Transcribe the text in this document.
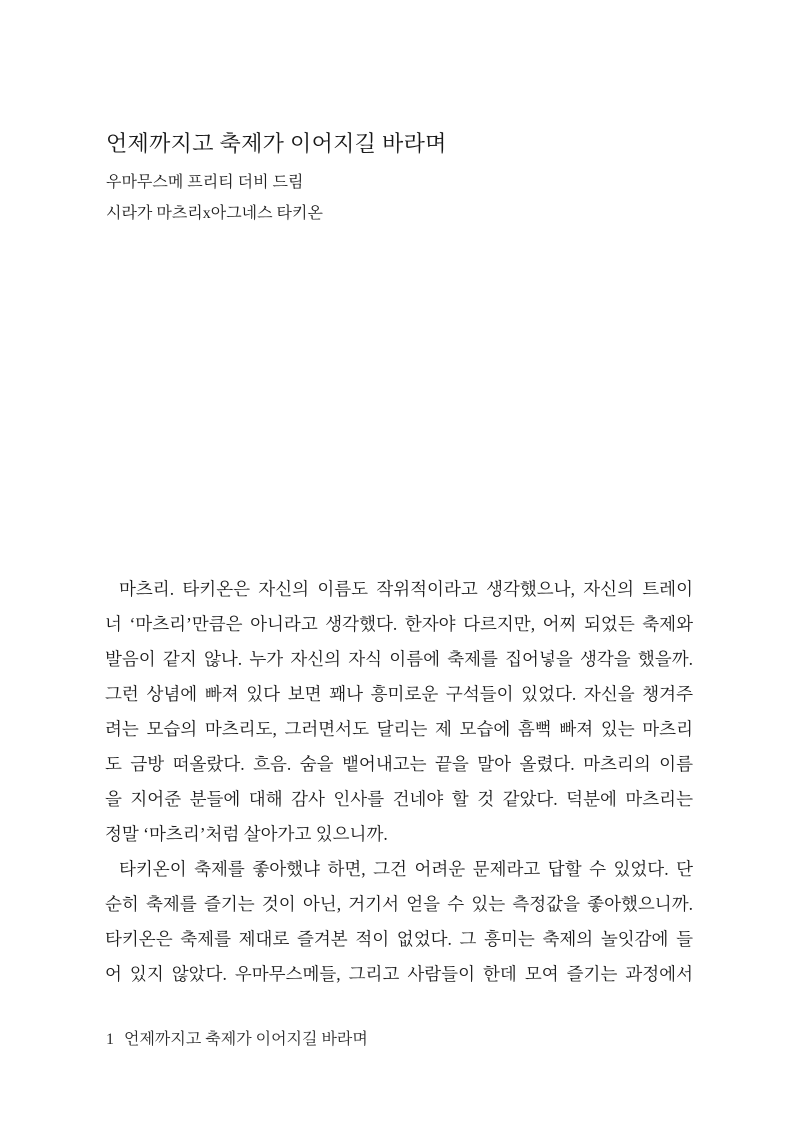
언제까지고 축제가 이어지길 바라며
우마무스메 프리티 더비 드림
시라가 마츠리x아그네스 타키온
마츠리. 타키온은 자신의 이름도 작위적이라고 생각했으나, 자신의 트레이
너 ‘마츠리’만큼은 아니라고 생각했다. 한자야 다르지만, 어찌 되었든 축제와
발음이 같지 않나. 누가 자신의 자식 이름에 축제를 집어넣을 생각을 했을까.
그런 상념에 빠져 있다 보면 꽤나 흥미로운 구석들이 있었다. 자신을 챙겨주
려는 모습의 마츠리도, 그러면서도 달리는 제 모습에 흠뻑 빠져 있는 마츠리
도 금방 떠올랐다. 흐음. 숨을 뱉어내고는 끝을 말아 올렸다. 마츠리의 이름
을 지어준 분들에 대해 감사 인사를 건네야 할 것 같았다. 덕분에 마츠리는
정말 ‘마츠리’처럼 살아가고 있으니까.
타키온이 축제를 좋아했냐 하면, 그건 어려운 문제라고 답할 수 있었다. 단
순히 축제를 즐기는 것이 아닌, 거기서 얻을 수 있는 측정값을 좋아했으니까.
타키온은 축제를 제대로 즐겨본 적이 없었다. 그 흥미는 축제의 놀잇감에 들
어 있지 않았다. 우마무스메들, 그리고 사람들이 한데 모여 즐기는 과정에서
1 언제까지고 축제가 이어지길 바라며
